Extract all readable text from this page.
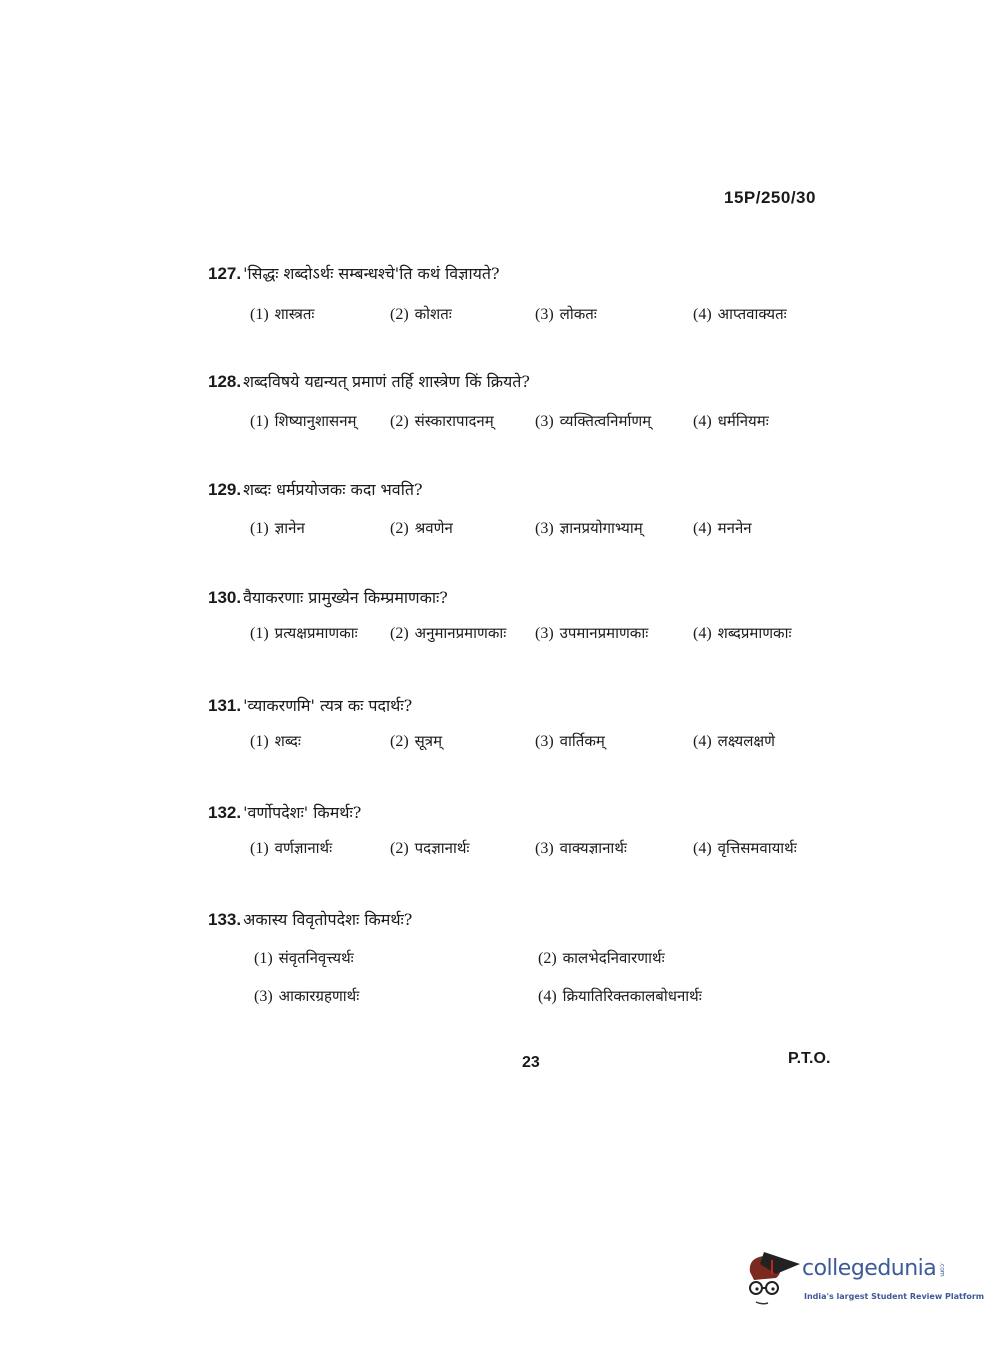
15P/250/30
127. 'सिद्धः शब्दोऽर्थः सम्बन्धश्चे'ति कथं विज्ञायते?
(1) शास्त्रतः	(2) कोशतः	(3) लोकतः	(4) आप्तवाक्यतः
128. शब्दविषये यद्यन्यत् प्रमाणं तर्हि शास्त्रेण किं क्रियते?
(1) शिष्यानुशासनम्	(2) संस्कारापादनम्	(3) व्यक्तित्वनिर्माणम्	(4) धर्मनियमः
129. शब्दः धर्मप्रयोजकः कदा भवति?
(1) ज्ञानेन	(2) श्रवणेन	(3) ज्ञानप्रयोगाभ्याम्	(4) मननेन
130. वैयाकरणाः प्रामुख्येन किम्प्रमाणकाः?
(1) प्रत्यक्षप्रमाणकाः	(2) अनुमानप्रमाणकाः	(3) उपमानप्रमाणकाः	(4) शब्दप्रमाणकाः
131. 'व्याकरणमि' त्यत्र कः पदार्थः?
(1) शब्दः	(2) सूत्रम्	(3) वार्तिकम्	(4) लक्ष्यलक्षणे
132. 'वर्णोपदेशः' किमर्थः?
(1) वर्णज्ञानार्थः	(2) पदज्ञानार्थः	(3) वाक्यज्ञानार्थः	(4) वृत्तिसमवायार्थः
133. अकास्य विवृतोपदेशः किमर्थः?
(1) संवृतनिवृत्त्यर्थः	(2) कालभेदनिवारणार्थः
(3) आकारग्रहणार्थः	(4) क्रियातिरिक्तकालबोधनार्थः
23	P.T.O.
collegedunia .com
India's largest Student Review Platform
